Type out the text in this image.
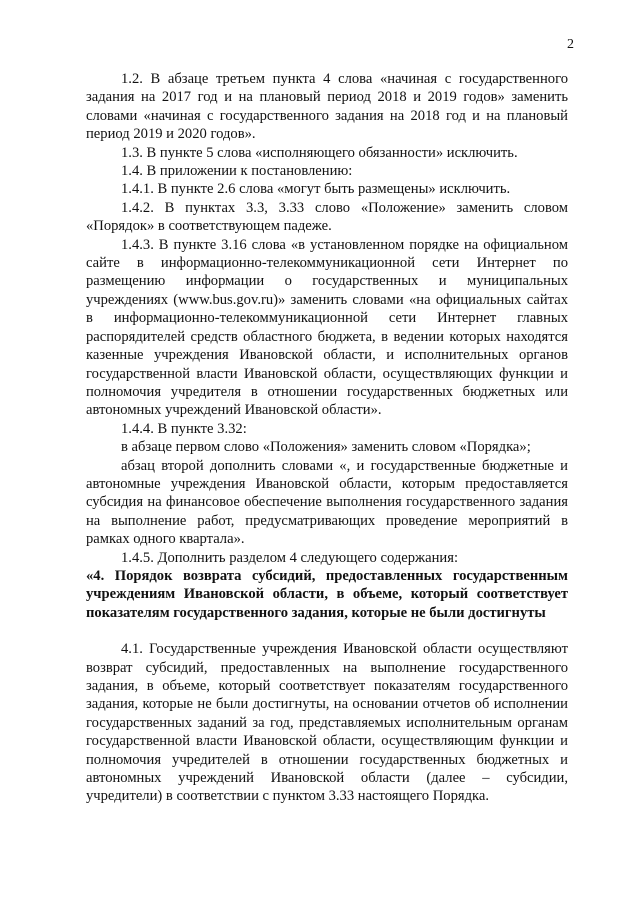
2

1.2. В абзаце третьем пункта 4 слова «начиная с государственного задания на 2017 год и на плановый период 2018 и 2019 годов» заменить словами «начиная с государственного задания на 2018 год и на плановый период 2019 и 2020 годов».

1.3. В пункте 5 слова «исполняющего обязанности» исключить.

1.4. В приложении к постановлению:

1.4.1. В пункте 2.6 слова «могут быть размещены» исключить.

1.4.2. В пунктах 3.3, 3.33 слово «Положение» заменить словом «Порядок» в соответствующем падеже.

1.4.3. В пункте 3.16 слова «в установленном порядке на официальном сайте в информационно-телекоммуникационной сети Интернет по размещению информации о государственных и муниципальных учреждениях (www.bus.gov.ru)» заменить словами «на официальных сайтах в информационно-телекоммуникационной сети Интернет главных распорядителей средств областного бюджета, в ведении которых находятся казенные учреждения Ивановской области, и исполнительных органов государственной власти Ивановской области, осуществляющих функции и полномочия учредителя в отношении государственных бюджетных или автономных учреждений Ивановской области».

1.4.4. В пункте 3.32:

в абзаце первом слово «Положения» заменить словом «Порядка»;

абзац второй дополнить словами «, и государственные бюджетные и автономные учреждения Ивановской области, которым предоставляется субсидия на финансовое обеспечение выполнения государственного задания на выполнение работ, предусматривающих проведение мероприятий в рамках одного квартала».

1.4.5. Дополнить разделом 4 следующего содержания:

«4. Порядок возврата субсидий, предоставленных государственным учреждениям Ивановской области, в объеме, который соответствует показателям государственного задания, которые не были достигнуты

4.1. Государственные учреждения Ивановской области осуществляют возврат субсидий, предоставленных на выполнение государственного задания, в объеме, который соответствует показателям государственного задания, которые не были достигнуты, на основании отчетов об исполнении государственных заданий за год, представляемых исполнительным органам государственной власти Ивановской области, осуществляющим функции и полномочия учредителей в отношении государственных бюджетных и автономных учреждений Ивановской области (далее – субсидии, учредители) в соответствии с пунктом 3.33 настоящего Порядка.
